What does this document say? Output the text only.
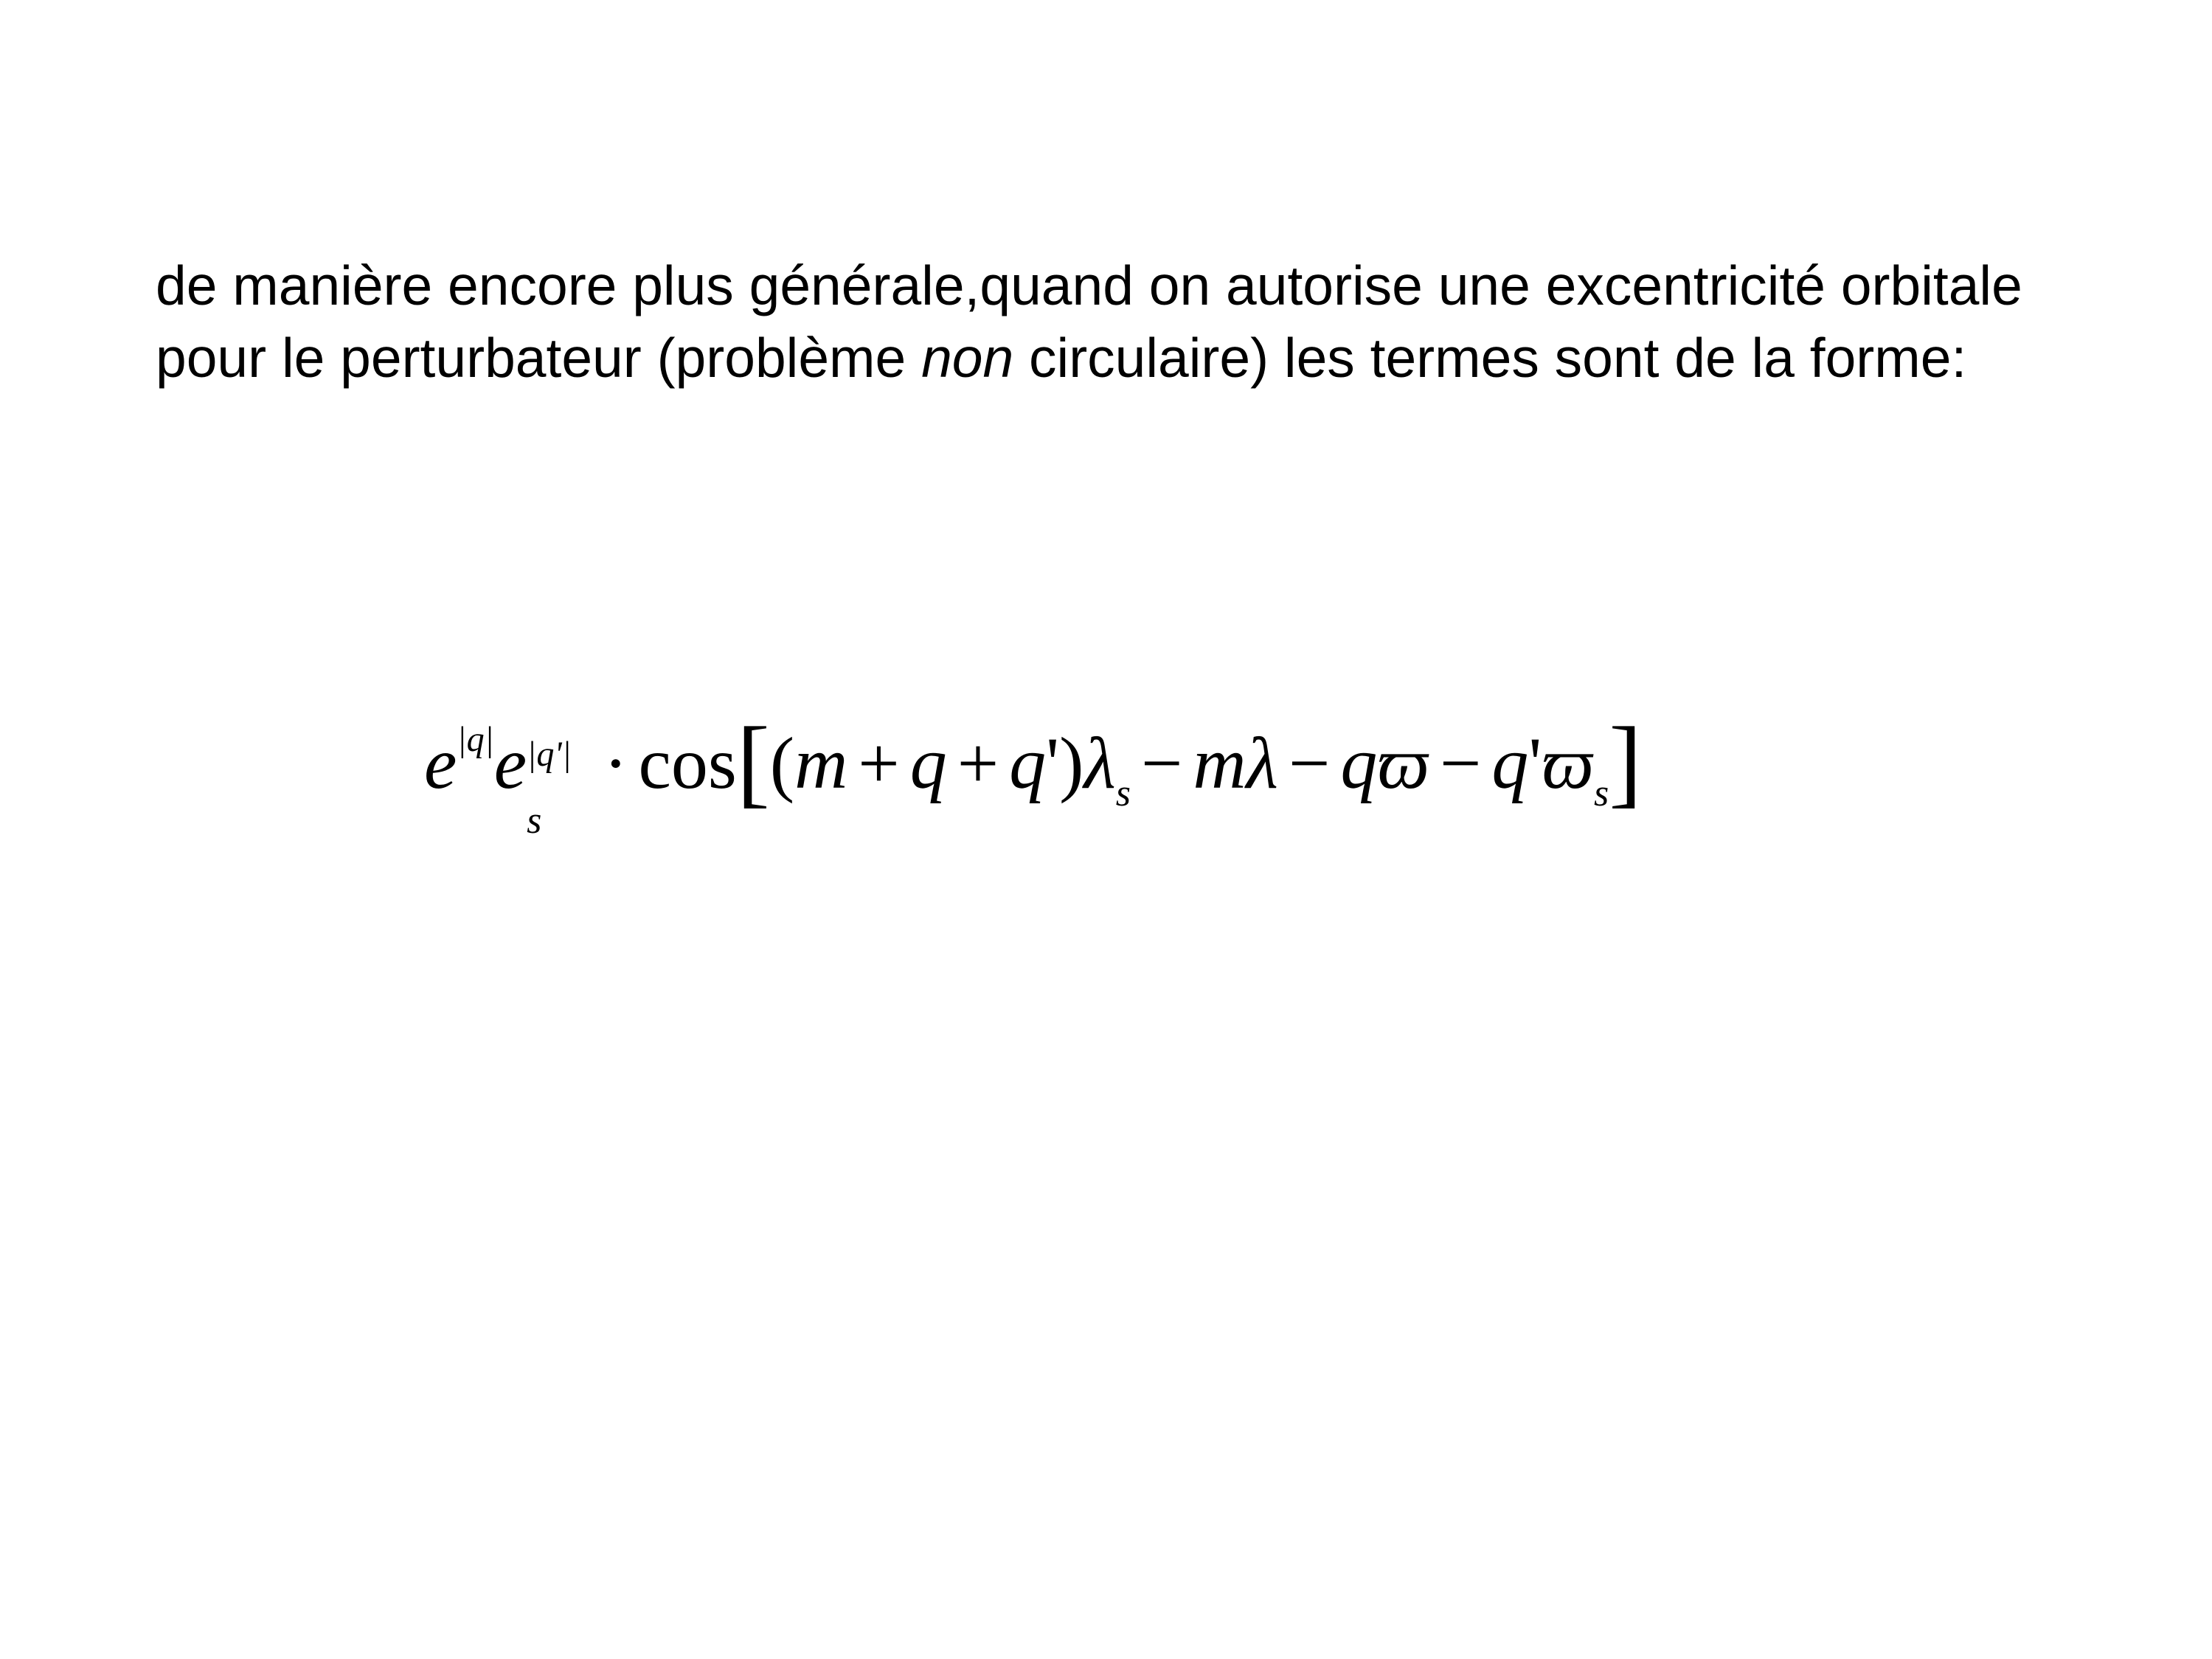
de manière encore plus générale,quand on autorise une excentricité orbitale pour le perturbateur (problème non circulaire) les termes sont de la forme:

$e^{|q|}e$ |q'|
s
· $\cos[(m + q + q')\lambda_s - m\lambda - qϖ - q'ϖ_s]$
